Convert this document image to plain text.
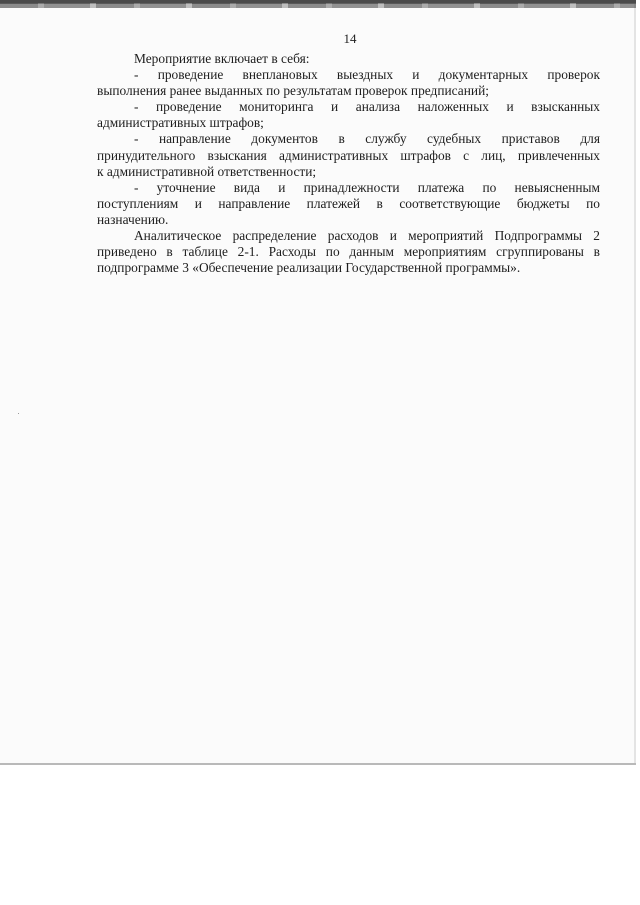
14
Мероприятие включает в себя:
- проведение внеплановых выездных и документарных проверок
выполнения ранее выданных по результатам проверок предписаний;
- проведение мониторинга и анализа наложенных и взысканных
административных штрафов;
- направление документов в службу судебных приставов для
принудительного взыскания административных штрафов с лиц, привлеченных
к административной ответственности;
- уточнение вида и принадлежности платежа по невыясненным
поступлениям и направление платежей в соответствующие бюджеты по
назначению.
Аналитическое распределение расходов и мероприятий Подпрограммы 2
приведено в таблице 2-1. Расходы по данным мероприятиям сгруппированы в
подпрограмме 3 «Обеспечение реализации Государственной программы».
